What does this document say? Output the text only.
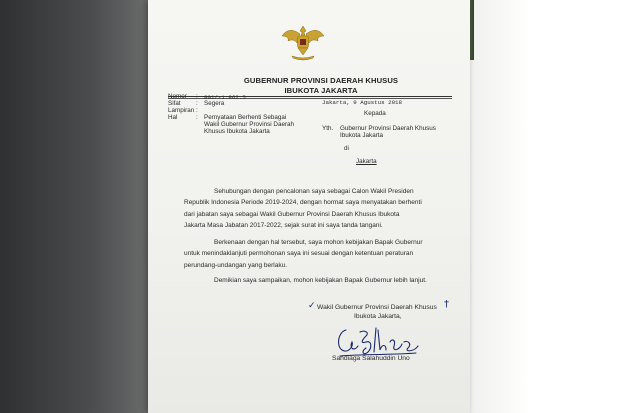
GUBERNUR PROVINSI DAERAH KHUSUS
IBUKOTA JAKARTA
Nomor
Sifat
Lampiran
Hal
:
:
:
:
801/-1.862.5
Segera
Pernyataan Berhenti Sebagai
Wakil Gubernur Provinsi Daerah
Khusus Ibukota Jakarta
Jakarta, 9 Agustus 2018
Kepada
Yth. Gubernur Provinsi Daerah Khusus
Ibukota Jakarta
di
Jakarta
Sehubungan dengan pencalonan saya sebagai Calon Wakil Presiden
Republik Indonesia Periode 2019-2024, dengan hormat saya menyatakan berhenti
dari jabatan saya sebagai Wakil Gubernur Provinsi Daerah Khusus Ibukota
Jakarta Masa Jabatan 2017-2022, sejak surat ini saya tanda tangani.
Berkenaan dengan hal tersebut, saya mohon kebijakan Bapak Gubernur
untuk menindaklanjuti permohonan saya ini sesuai dengan ketentuan peraturan
perundang-undangan yang berlaku.
Demikian saya sampaikan, mohon kebijakan Bapak Gubernur lebih lanjut.
✓ Wakil Gubernur Provinsi Daerah Khusus †
Ibukota Jakarta,
Sandiaga Salahuddin Uno
